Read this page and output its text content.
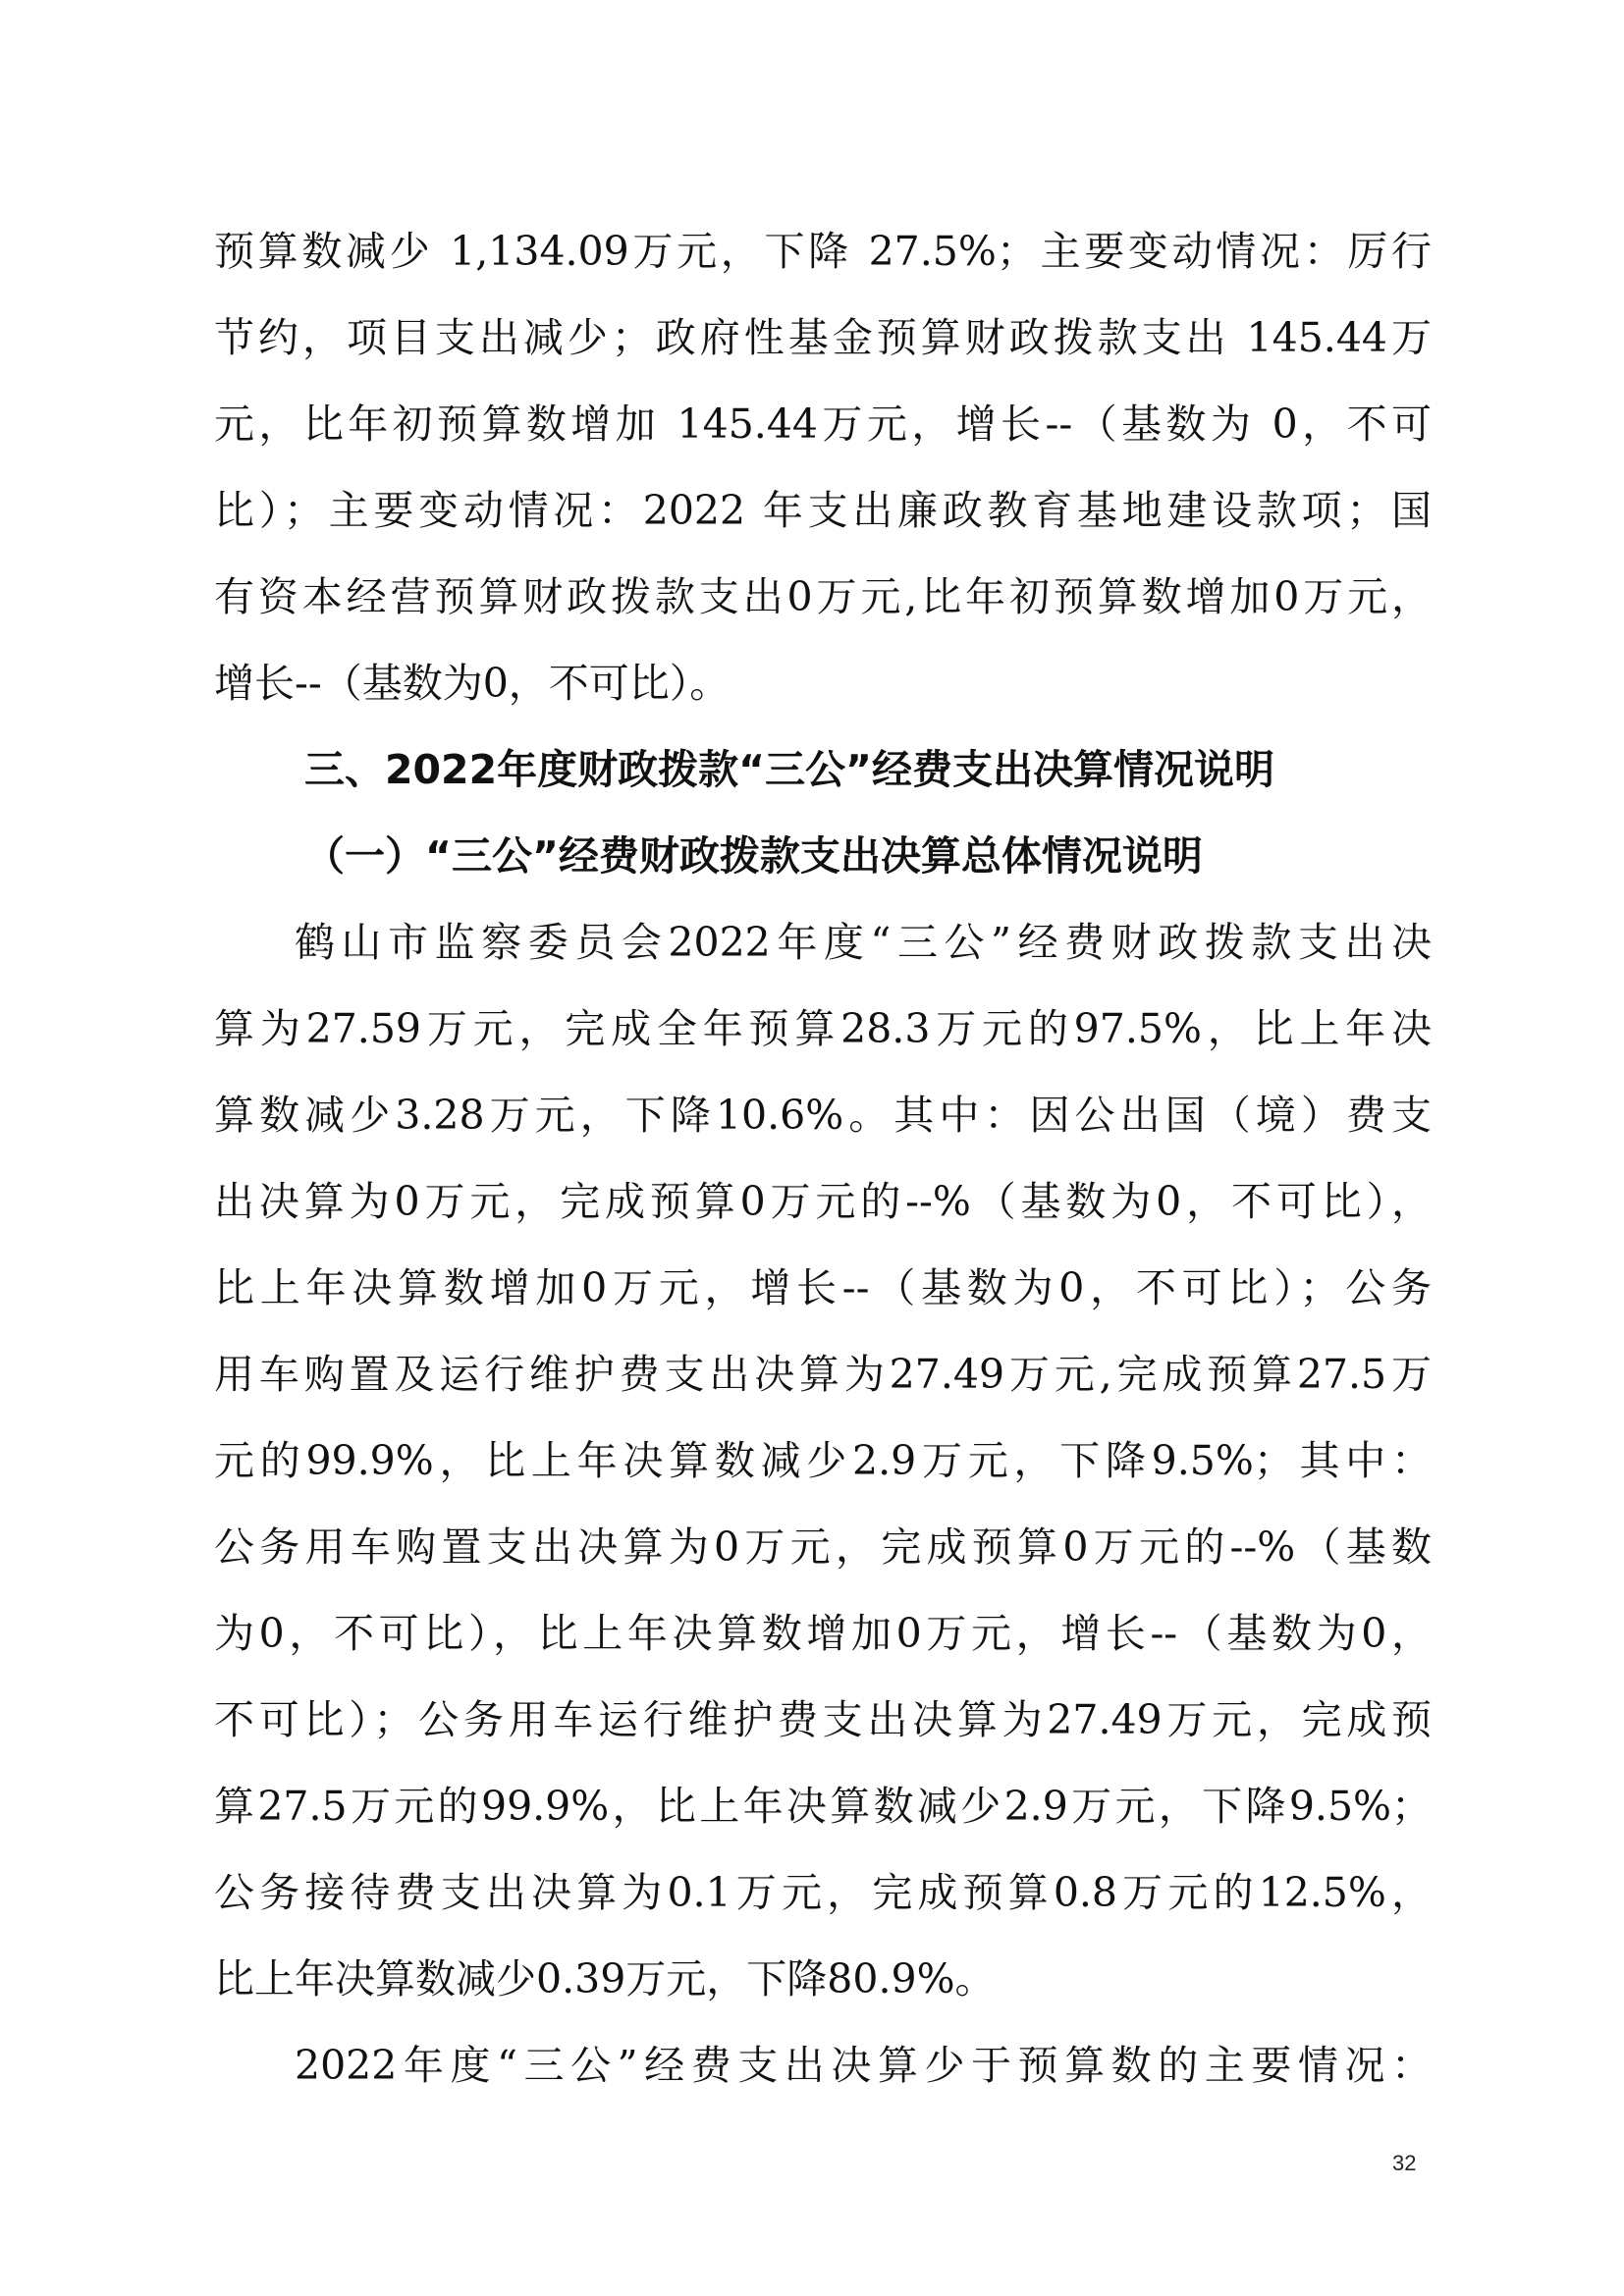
预算数减少 1,134.09万元，下降 27.5%；主要变动情况：厉行
节约，项目支出减少；政府性基金预算财政拨款支出 145.44万
元，比年初预算数增加 145.44万元，增长--（基数为 0，不可
比）；主要变动情况：2022 年支出廉政教育基地建设款项；国
有资本经营预算财政拨款支出0万元,比年初预算数增加0万元，
增长--（基数为0，不可比）。
三、2022年度财政拨款“三公”经费支出决算情况说明
（一）“三公”经费财政拨款支出决算总体情况说明
鹤山市监察委员会2022年度“三公”经费财政拨款支出决
算为27.59万元，完成全年预算28.3万元的97.5%，比上年决
算数减少3.28万元，下降10.6%。其中：因公出国（境）费支
出决算为0万元，完成预算0万元的--%（基数为0，不可比），
比上年决算数增加0万元，增长--（基数为0，不可比）；公务
用车购置及运行维护费支出决算为27.49万元,完成预算27.5万
元的99.9%，比上年决算数减少2.9万元，下降9.5%；其中：
公务用车购置支出决算为0万元，完成预算0万元的--%（基数
为0，不可比），比上年决算数增加0万元，增长--（基数为0，
不可比）；公务用车运行维护费支出决算为27.49万元，完成预
算27.5万元的99.9%，比上年决算数减少2.9万元，下降9.5%；
公务接待费支出决算为0.1万元，完成预算0.8万元的12.5%，
比上年决算数减少0.39万元，下降80.9%。
2022年度“三公”经费支出决算少于预算数的主要情况：
32
